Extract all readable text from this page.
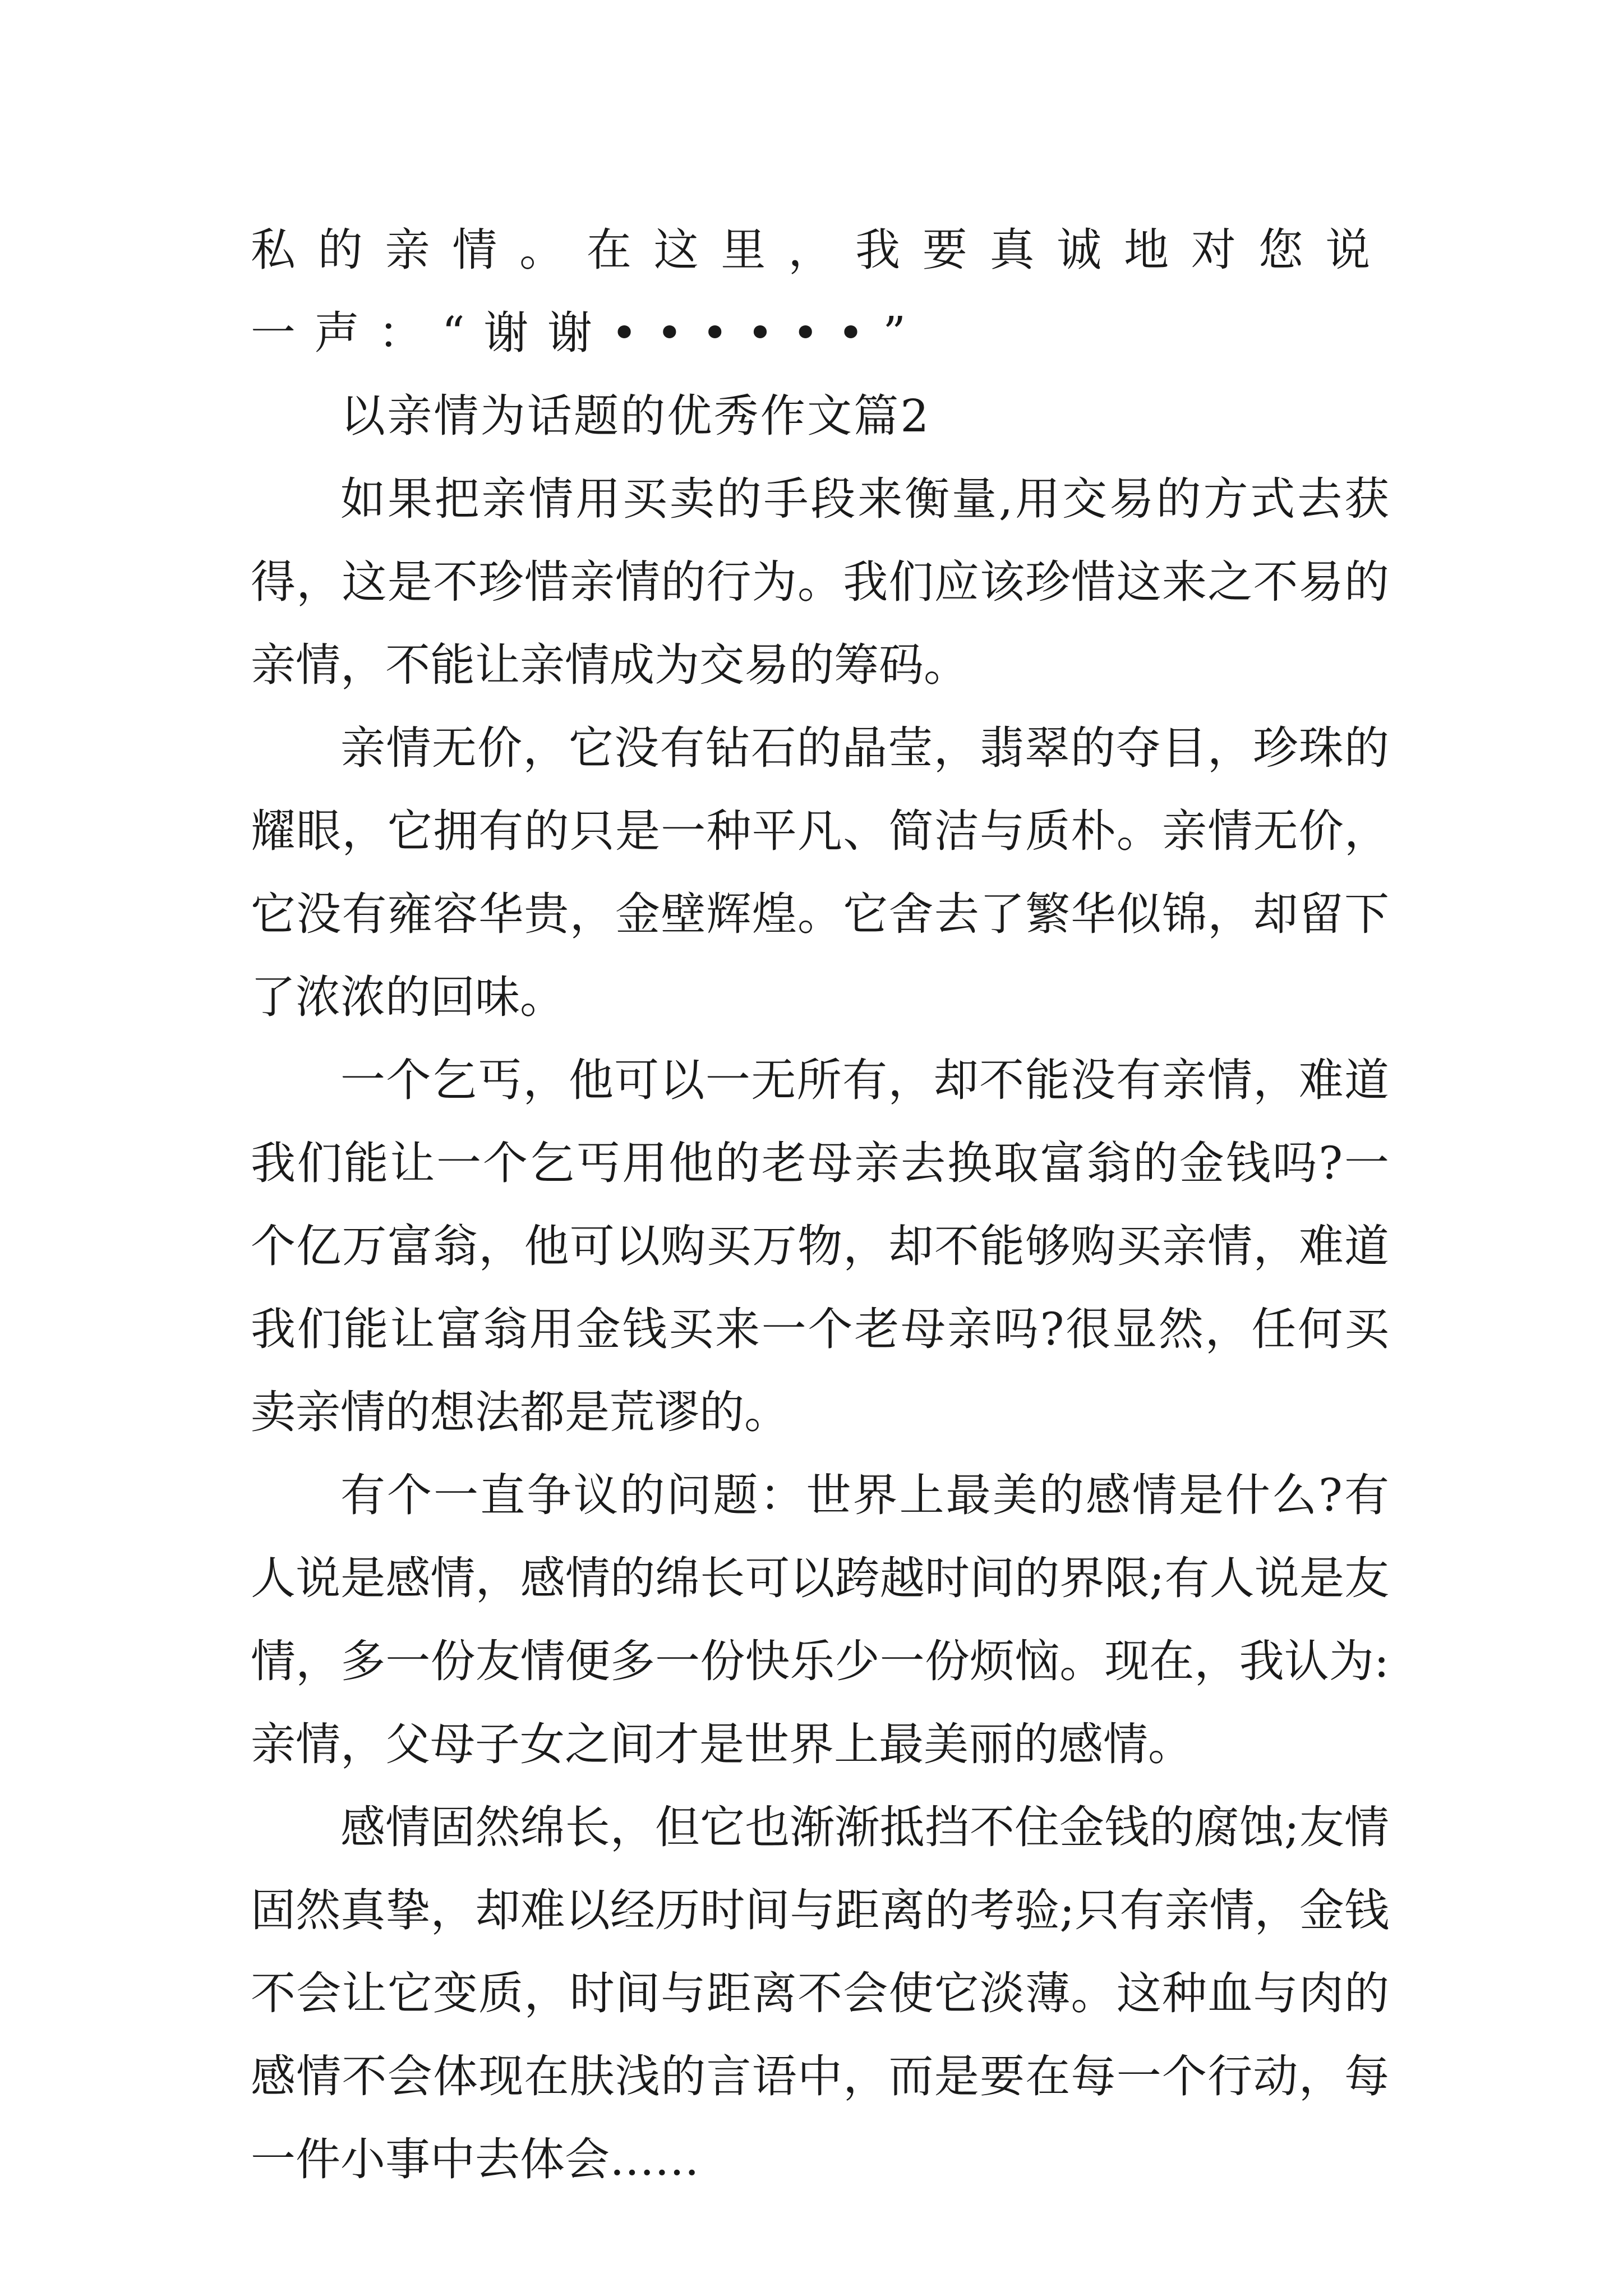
私的亲情。在这里，我要真诚地对您说一声：“谢谢••••••”

以亲情为话题的优秀作文篇2

如果把亲情用买卖的手段来衡量,用交易的方式去获得，这是不珍惜亲情的行为。我们应该珍惜这来之不易的亲情，不能让亲情成为交易的筹码。

亲情无价，它没有钻石的晶莹，翡翠的夺目，珍珠的耀眼，它拥有的只是一种平凡、简洁与质朴。亲情无价，它没有雍容华贵，金壁辉煌。它舍去了繁华似锦，却留下了浓浓的回味。

一个乞丐，他可以一无所有，却不能没有亲情，难道我们能让一个乞丐用他的老母亲去换取富翁的金钱吗?一个亿万富翁，他可以购买万物，却不能够购买亲情，难道我们能让富翁用金钱买来一个老母亲吗?很显然，任何买卖亲情的想法都是荒谬的。

有个一直争议的问题：世界上最美的感情是什么?有人说是感情，感情的绵长可以跨越时间的界限;有人说是友情，多一份友情便多一份快乐少一份烦恼。现在，我认为:亲情，父母子女之间才是世界上最美丽的感情。

感情固然绵长，但它也渐渐抵挡不住金钱的腐蚀;友情固然真挚，却难以经历时间与距离的考验;只有亲情，金钱不会让它变质，时间与距离不会使它淡薄。这种血与肉的感情不会体现在肤浅的言语中，而是要在每一个行动，每一件小事中去体会……
